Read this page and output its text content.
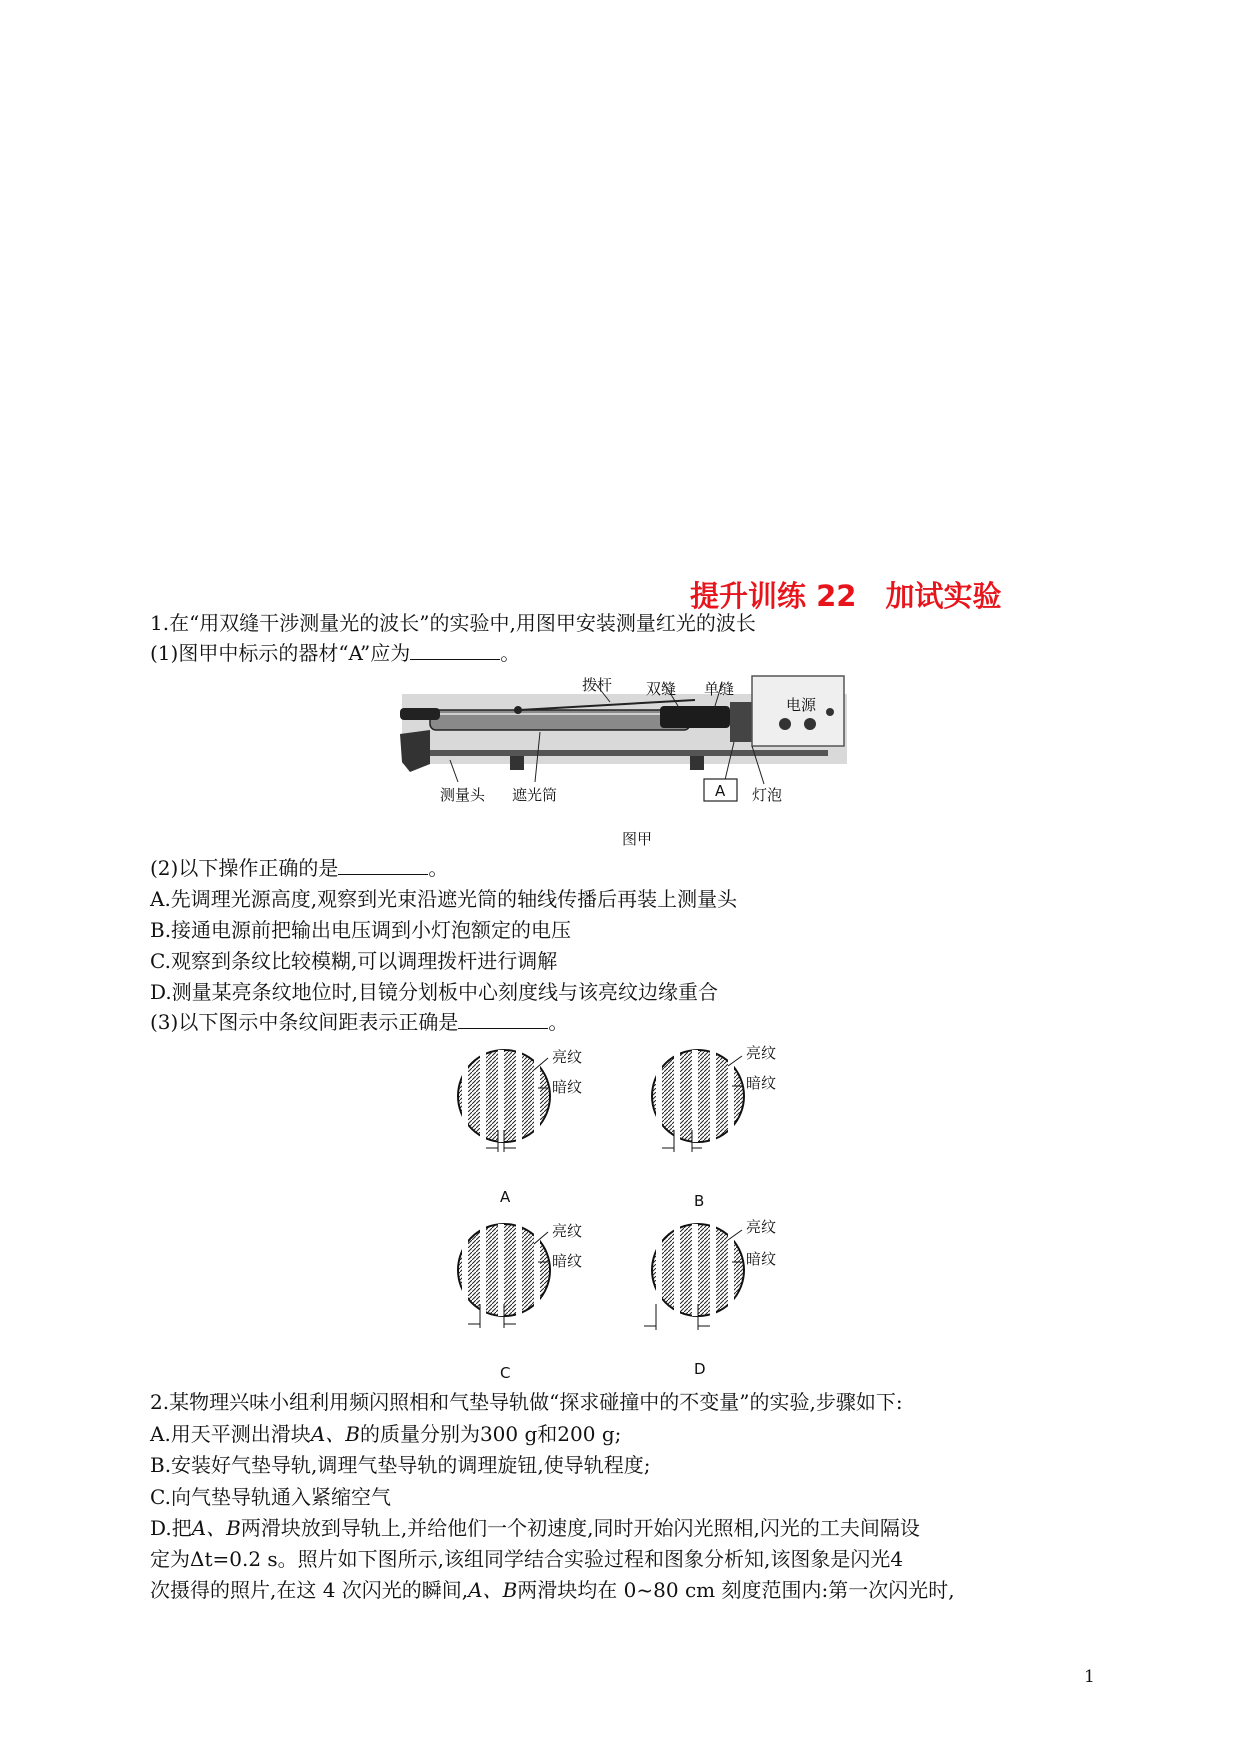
提升训练 22　加试实验
1.在“用双缝干涉测量光的波长”的实验中,用图甲安装测量红光的波长
(1)图甲中标示的器材“A”应为	。
拨杆 双缝 单缝
电源
测量头 遮光筒	A 灯泡
图甲
(2)以下操作正确的是	。
A.先调理光源高度,观察到光束沿遮光筒的轴线传播后再装上测量头
B.接通电源前把输出电压调到小灯泡额定的电压
C.观察到条纹比较模糊,可以调理拨杆进行调解
D.测量某亮条纹地位时,目镜分划板中心刻度线与该亮纹边缘重合
(3)以下图示中条纹间距表示正确是	。
亮纹
暗纹
亮纹
暗纹
亮纹
暗纹
亮纹
暗纹
A	B
C	D
2.某物理兴味小组利用频闪照相和气垫导轨做“探求碰撞中的不变量”的实验,步骤如下:
A.用天平测出滑块A、B的质量分别为300 g和200 g;
B.安装好气垫导轨,调理气垫导轨的调理旋钮,使导轨程度;
C.向气垫导轨通入紧缩空气
D.把A、B两滑块放到导轨上,并给他们一个初速度,同时开始闪光照相,闪光的工夫间隔设
定为Δt=0.2 s。照片如下图所示,该组同学结合实验过程和图象分析知,该图象是闪光4
次摄得的照片,在这 4 次闪光的瞬间,A、B两滑块均在 0~80 cm 刻度范围内:第一次闪光时,
1
